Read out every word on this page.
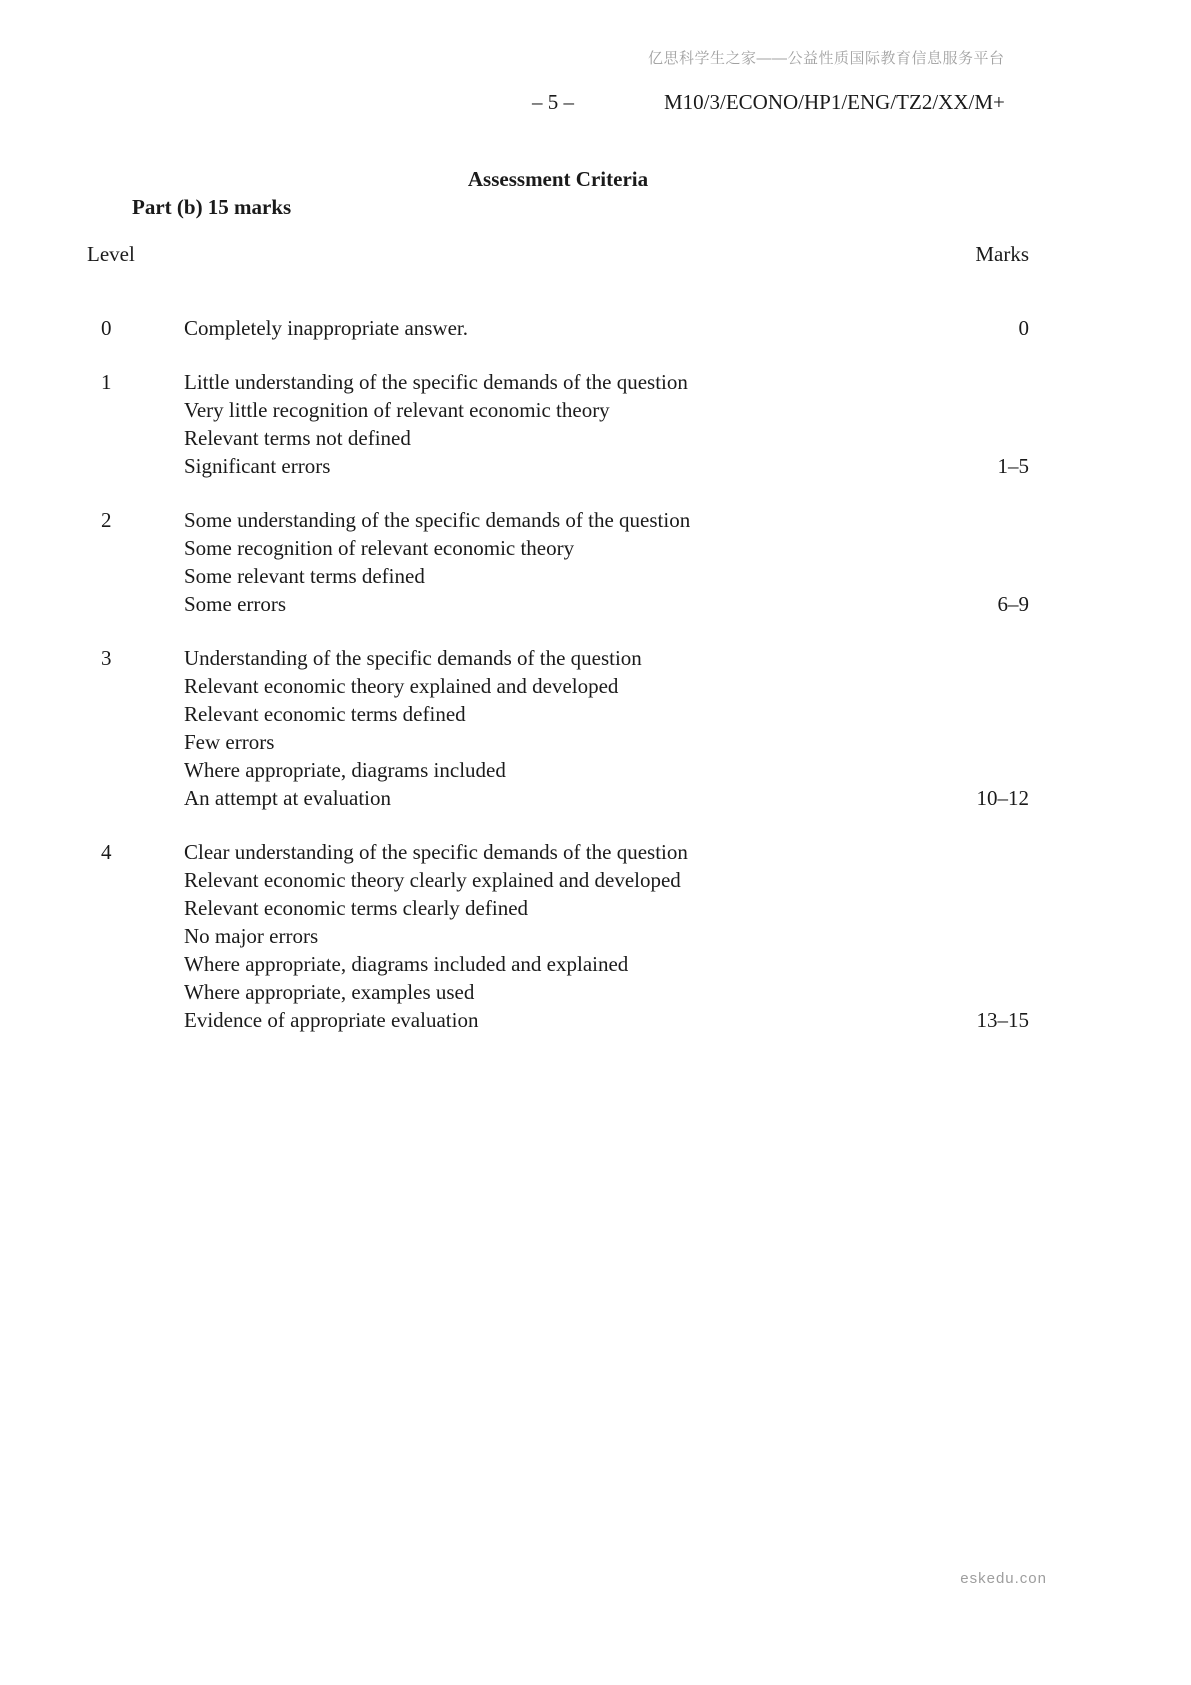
亿思科学生之家——公益性质国际教育信息服务平台
– 5 –	M10/3/ECONO/HP1/ENG/TZ2/XX/M+
Assessment Criteria
Part (b) 15 marks
Level	Marks
0	Completely inappropriate answer.	0
1	Little understanding of the specific demands of the question
Very little recognition of relevant economic theory
Relevant terms not defined
Significant errors	1–5
2	Some understanding of the specific demands of the question
Some recognition of relevant economic theory
Some relevant terms defined
Some errors	6–9
3	Understanding of the specific demands of the question
Relevant economic theory explained and developed
Relevant economic terms defined
Few errors
Where appropriate, diagrams included
An attempt at evaluation	10–12
4	Clear understanding of the specific demands of the question
Relevant economic theory clearly explained and developed
Relevant economic terms clearly defined
No major errors
Where appropriate, diagrams included and explained
Where appropriate, examples used
Evidence of appropriate evaluation	13–15
eskedu.con
